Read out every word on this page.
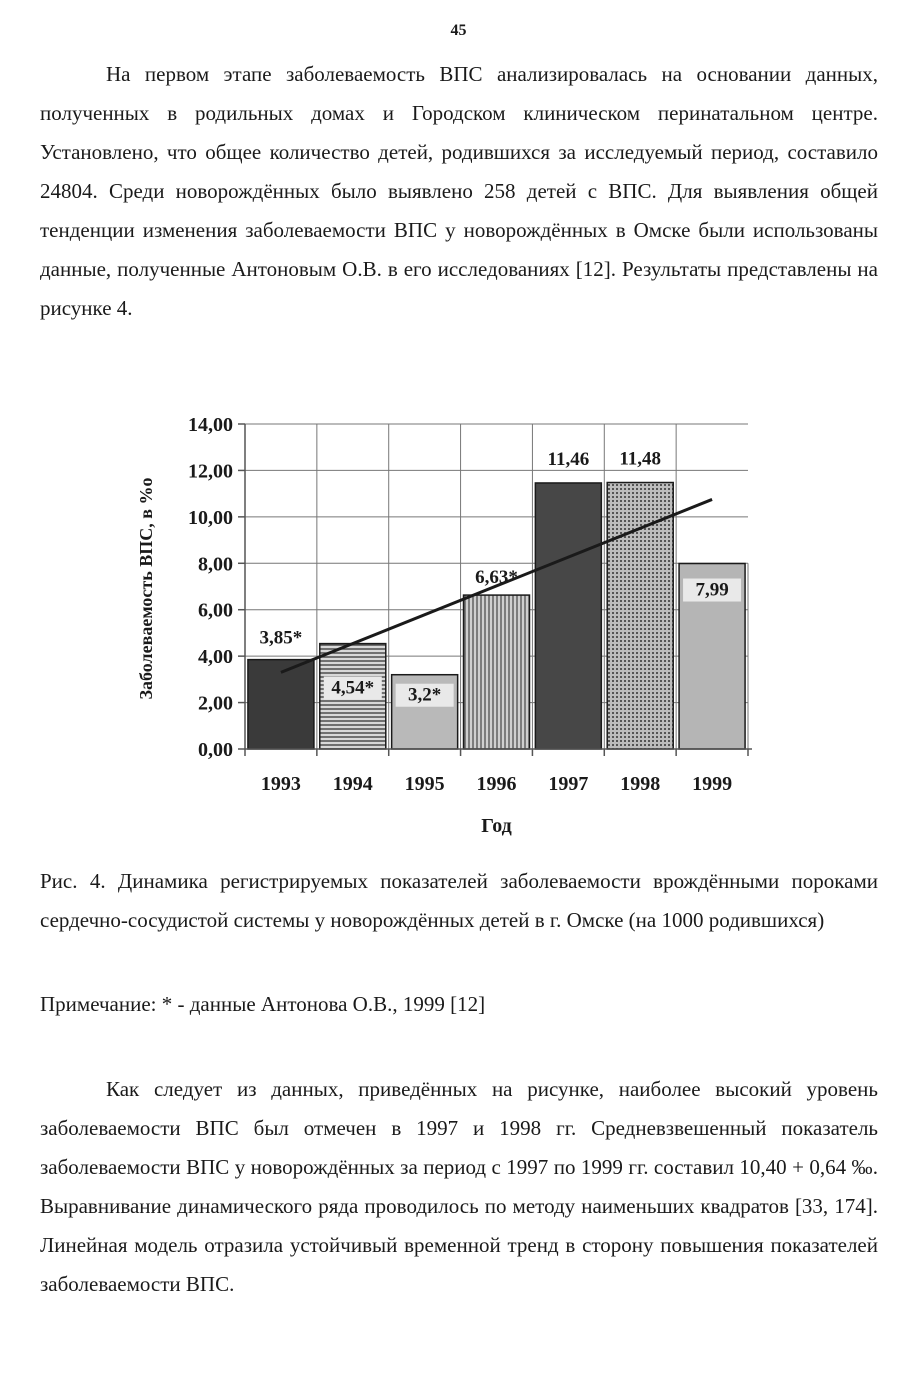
45

На первом этапе заболеваемость ВПС анализировалась на основании данных, полученных в родильных домах и Городском клиническом перинатальном центре. Установлено, что общее количество детей, родившихся за исследуемый период, составило 24804. Среди новорождённых было выявлено 258 детей с ВПС. Для выявления общей тенденции изменения заболеваемости ВПС у новорождённых в Омске были использованы данные, полученные Антоновым О.В. в его исследованиях [12]. Результаты представлены на рисунке 4.

3,85*
4,54* 3,2*
6,63*
11,46 11,48
7,99
0,00
2,00
4,00
6,00
8,00
10,00
12,00
14,00
1993 1994 1995 1996 1997 1998 1999
Заболеваемость ВПС, в %о
Год

Рис. 4. Динамика регистрируемых показателей заболеваемости врождёнными пороками сердечно-сосудистой системы у новорождённых детей в г. Омске (на 1000 родившихся)

Примечание: * - данные Антонова О.В., 1999 [12]

Как следует из данных, приведённых на рисунке, наиболее высокий уровень заболеваемости ВПС был отмечен в 1997 и 1998 гг. Средневзвешенный показатель заболеваемости ВПС у новорождённых за период с 1997 по 1999 гг. составил 10,40 + 0,64 ‰. Выравнивание динамического ряда проводилось по методу наименьших квадратов [33, 174]. Линейная модель отразила устойчивый временной тренд в сторону повышения показателей заболеваемости ВПС.
